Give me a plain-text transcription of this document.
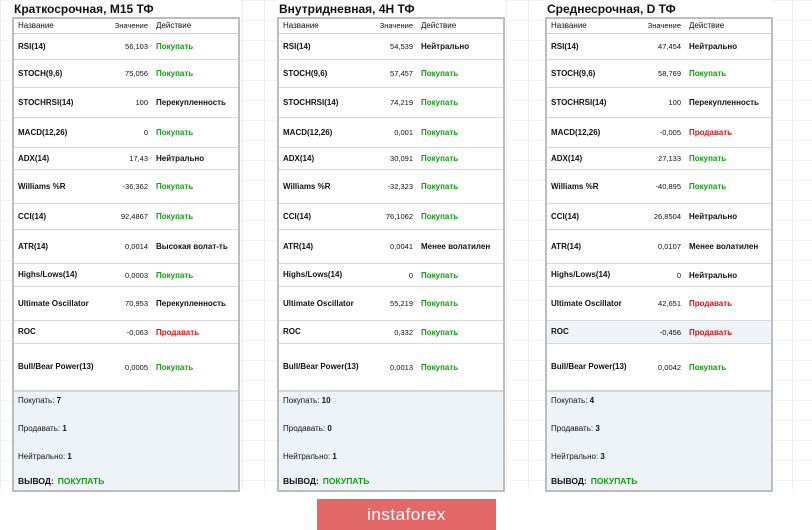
Краткосрочная, M15 ТФ
Название	Значение	Действие
RSI(14)	56,103	Покупать
STOCH(9,6)	75,056	Покупать
STOCHRSI(14)	100	Перекупленность
MACD(12,26)	0	Покупать
ADX(14)	17,43	Нейтрально
Williams %R	-36,362	Покупать
CCI(14)	92,4867	Покупать
ATR(14)	0,0014	Высокая волат-ть
Highs/Lows(14)	0,0003	Покупать
Ultimate Oscillator	70,953	Перекупленность
ROC	-0,063	Продавать
Bull/Bear Power(13)	0,0005	Покупать
Покупать: 7
Продавать: 1
Нейтрально: 1
ВЫВОД: ПОКУПАТЬ
Внутридневная, 4H ТФ
Название	Значение	Действие
RSI(14)	54,539	Нейтрально
STOCH(9,6)	57,457	Покупать
STOCHRSI(14)	74,219	Покупать
MACD(12,26)	0,001	Покупать
ADX(14)	30,091	Покупать
Williams %R	-32,323	Покупать
CCI(14)	76,1062	Покупать
ATR(14)	0,0041	Менее волатилен
Highs/Lows(14)	0	Покупать
Ultimate Oscillator	55,219	Покупать
ROC	0,332	Покупать
Bull/Bear Power(13)	0,0013	Покупать
Покупать: 10
Продавать: 0
Нейтрально: 1
ВЫВОД: ПОКУПАТЬ
Среднесрочная, D ТФ
Название	Значение	Действие
RSI(14)	47,454	Нейтрально
STOCH(9,6)	58,769	Покупать
STOCHRSI(14)	100	Перекупленность
MACD(12,26)	-0,005	Продавать
ADX(14)	27,133	Покупать
Williams %R	-40,895	Покупать
CCI(14)	26,8504	Нейтрально
ATR(14)	0,0107	Менее волатилен
Highs/Lows(14)	0	Нейтрально
Ultimate Oscillator	42,651	Продавать
ROC	-0,456	Продавать
Bull/Bear Power(13)	0,0042	Покупать
Покупать: 4
Продавать: 3
Нейтрально: 3
ВЫВОД: ПОКУПАТЬ
instaforex
